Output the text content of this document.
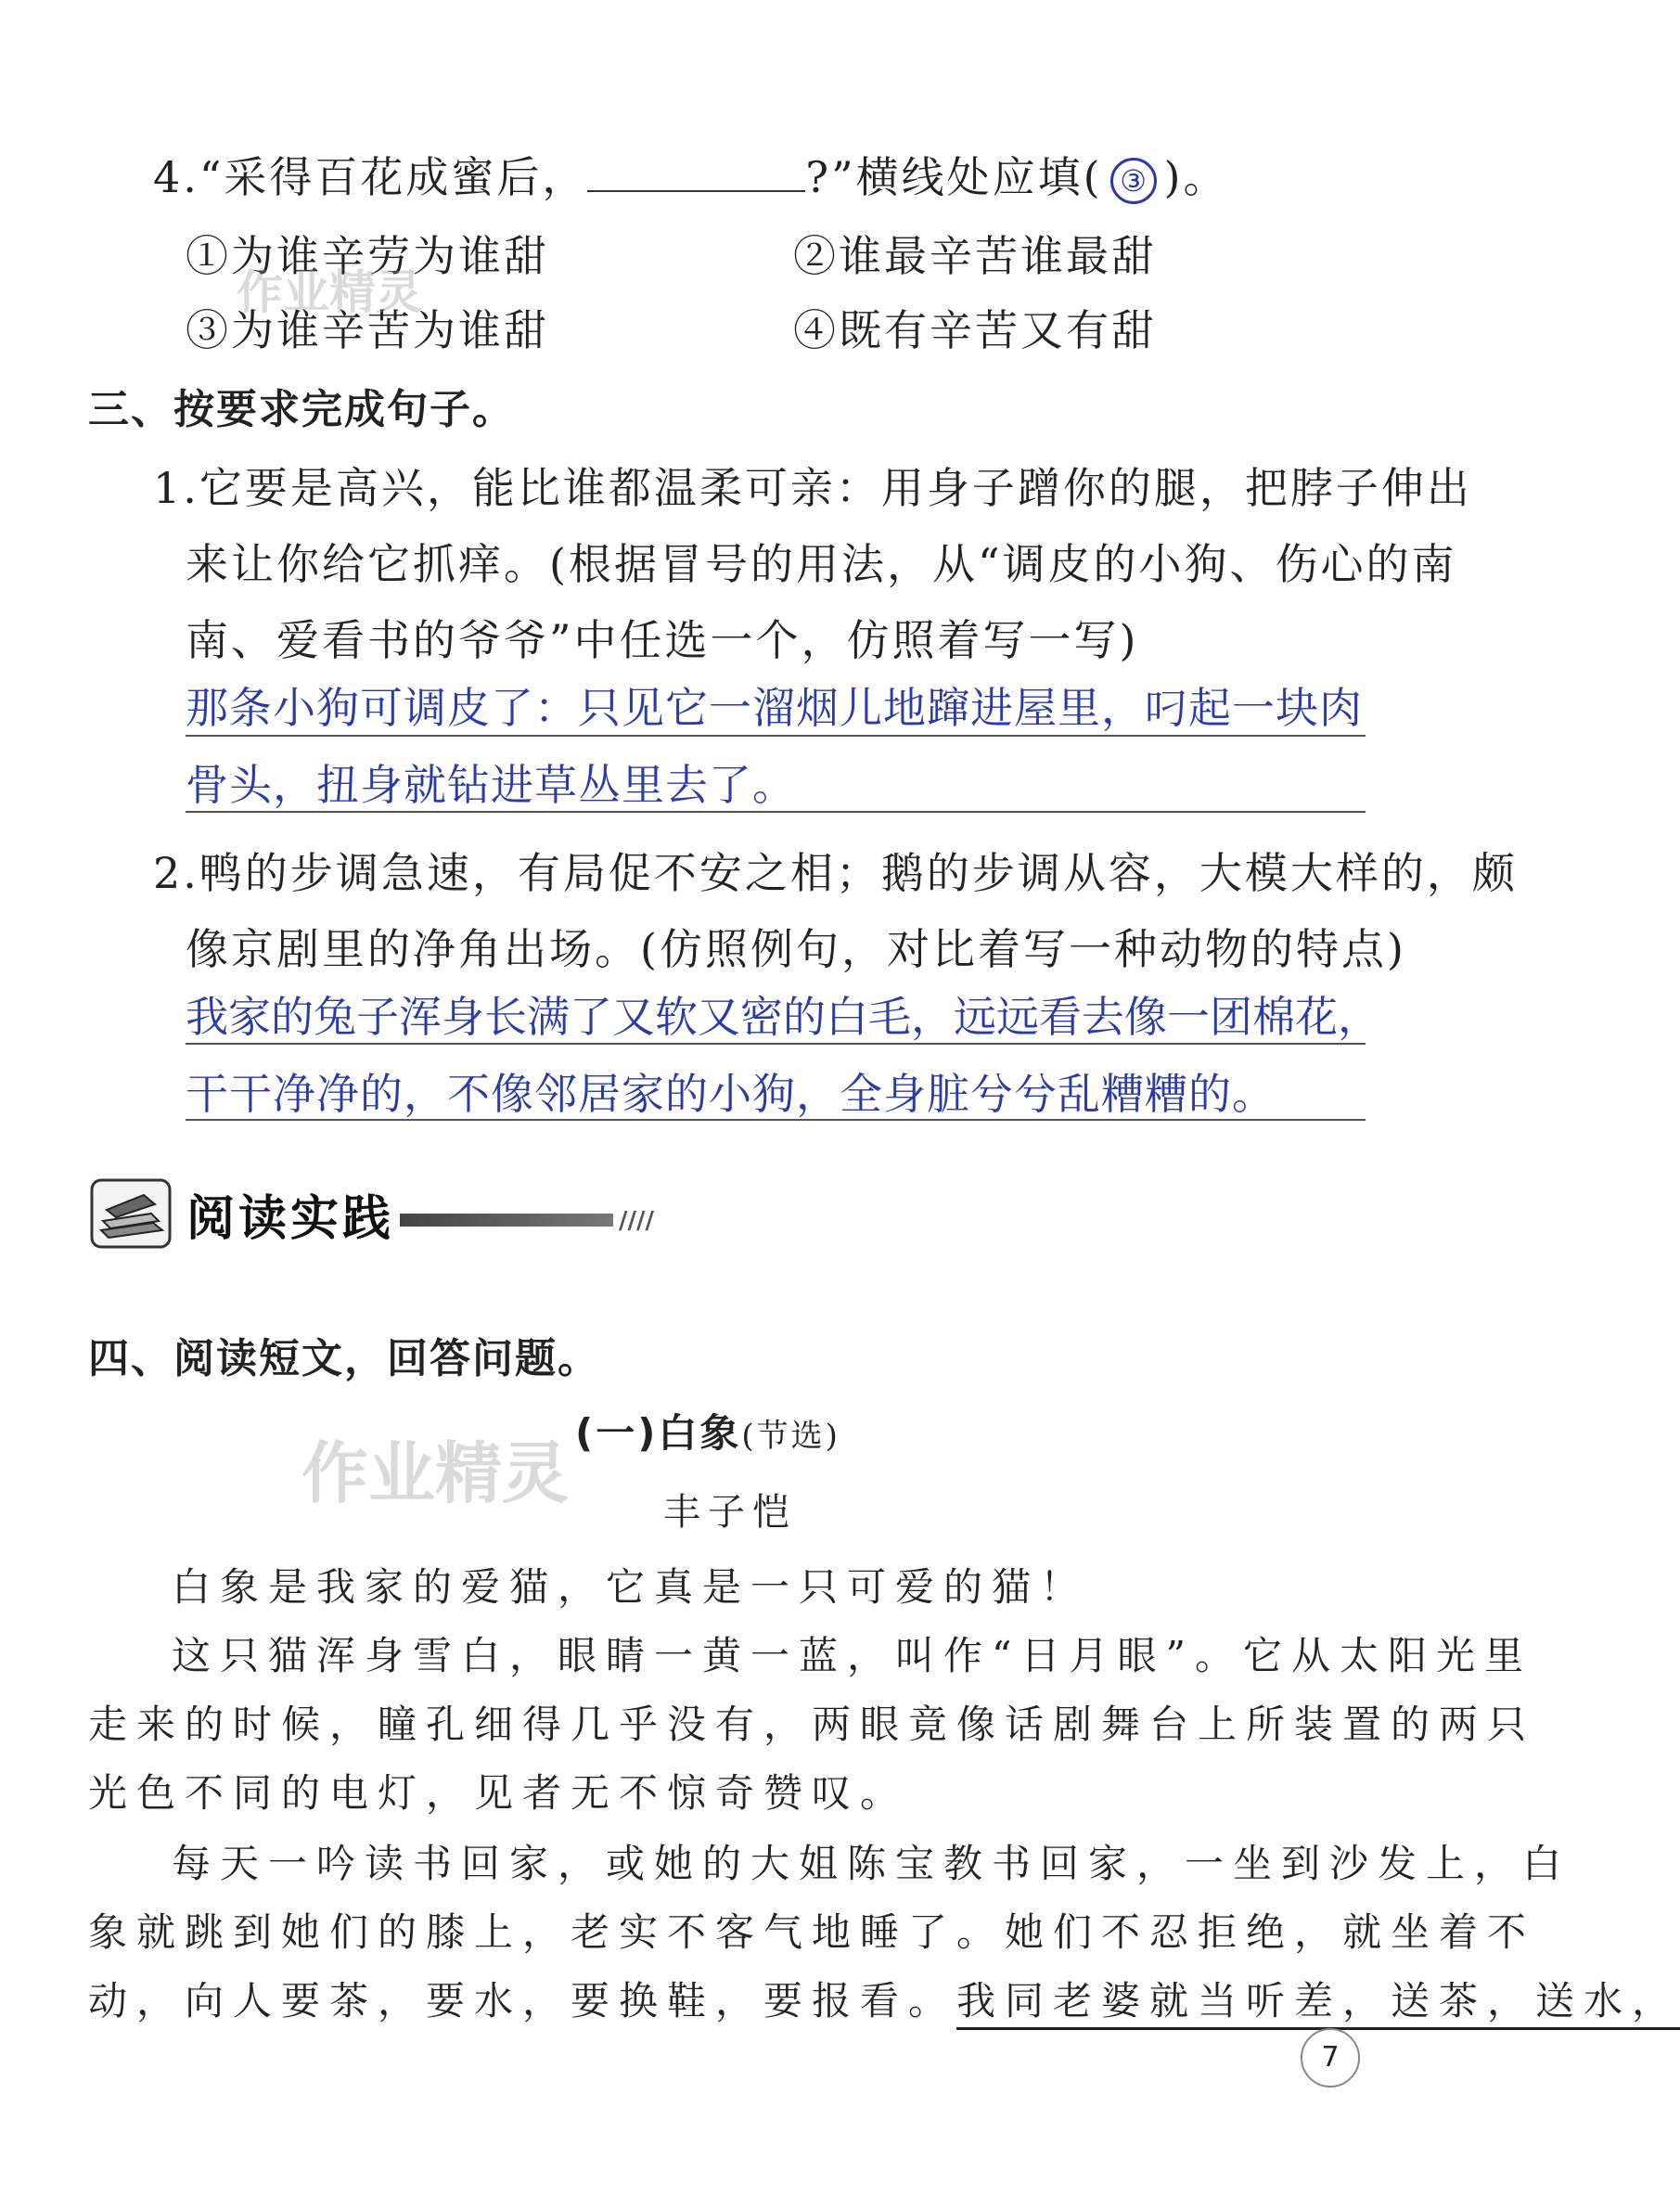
4.“采得百花成蜜后，	?”横线处应填( ③ )。
①为谁辛劳为谁甜	②谁最辛苦谁最甜
③为谁辛苦为谁甜	④既有辛苦又有甜
作业精灵
三、按要求完成句子。
1.它要是高兴，能比谁都温柔可亲：用身子蹭你的腿，把脖子伸出
来让你给它抓痒。(根据冒号的用法，从“调皮的小狗、伤心的南
南、爱看书的爷爷”中任选一个，仿照着写一写)
那条小狗可调皮了：只见它一溜烟儿地蹿进屋里，叼起一块肉
骨头，扭身就钻进草丛里去了。
2.鸭的步调急速，有局促不安之相；鹅的步调从容，大模大样的，颇
像京剧里的净角出场。(仿照例句，对比着写一种动物的特点)
我家的兔子浑身长满了又软又密的白毛，远远看去像一团棉花，
干干净净的，不像邻居家的小狗，全身脏兮兮乱糟糟的。
阅读实践	////
四、阅读短文，回答问题。
作业精灵
(一)白象(节选)
丰子恺
白象是我家的爱猫，它真是一只可爱的猫！
这只猫浑身雪白，眼睛一黄一蓝，叫作“日月眼”。它从太阳光里
走来的时候，瞳孔细得几乎没有，两眼竟像话剧舞台上所装置的两只
光色不同的电灯，见者无不惊奇赞叹。
每天一吟读书回家，或她的大姐陈宝教书回家，一坐到沙发上，白
象就跳到她们的膝上，老实不客气地睡了。她们不忍拒绝，就坐着不
动，向人要茶，要水，要换鞋，要报看。我同老婆就当听差，送茶，送水，
7
